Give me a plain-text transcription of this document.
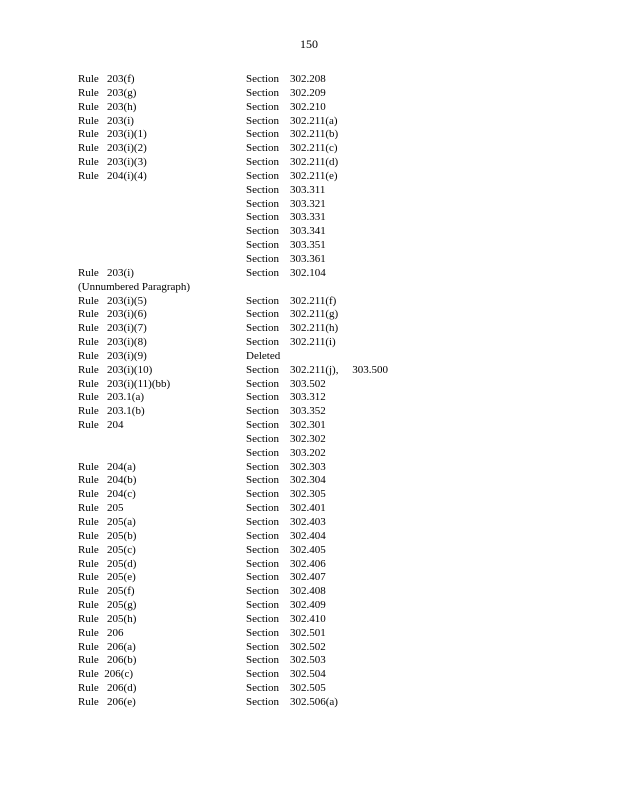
150
Rule   203(f)
Rule   203(g)
Rule   203(h)
Rule   203(i)
Rule   203(i)(1)
Rule   203(i)(2)
Rule   203(i)(3)
Rule   204(i)(4)
Rule   203(i)   (Unnumbered Paragraph)
Rule   203(i)(5)
Rule   203(i)(6)
Rule   203(i)(7)
Rule   203(i)(8)
Rule   203(i)(9)
Rule   203(i)(10)
Rule   203(i)(11)(bb)
Rule   203.1(a)
Rule   203.1(b)
Rule   204
Rule   204(a)
Rule   204(b)
Rule   204(c)
Rule   205
Rule   205(a)
Rule   205(b)
Rule   205(c)
Rule   205(d)
Rule   205(e)
Rule   205(f)
Rule   205(g)
Rule   205(h)
Rule   206
Rule   206(a)
Rule   206(b)
Rule  206(c)
Rule   206(d)
Rule   206(e)
Section    302.208
Section    302.209
Section    302.210
Section    302.211(a)
Section    302.211(b)
Section    302.211(c)
Section    302.211(d)
Section    302.211(e)
Section    303.311
Section    303.321
Section    303.331
Section    303.341
Section    303.351
Section    303.361
Section    302.104
Section    302.211(f)
Section    302.211(g)
Section    302.211(h)
Section    302.211(i)
Deleted
Section    302.211(j),     303.500
Section    303.502
Section    303.312
Section    303.352
Section    302.301
Section    302.302
Section    303.202
Section    302.303
Section    302.304
Section    302.305
Section    302.401
Section    302.403
Section    302.404
Section    302.405
Section    302.406
Section    302.407
Section    302.408
Section    302.409
Section    302.410
Section    302.501
Section    302.502
Section    302.503
Section    302.504
Section    302.505
Section    302.506(a)
